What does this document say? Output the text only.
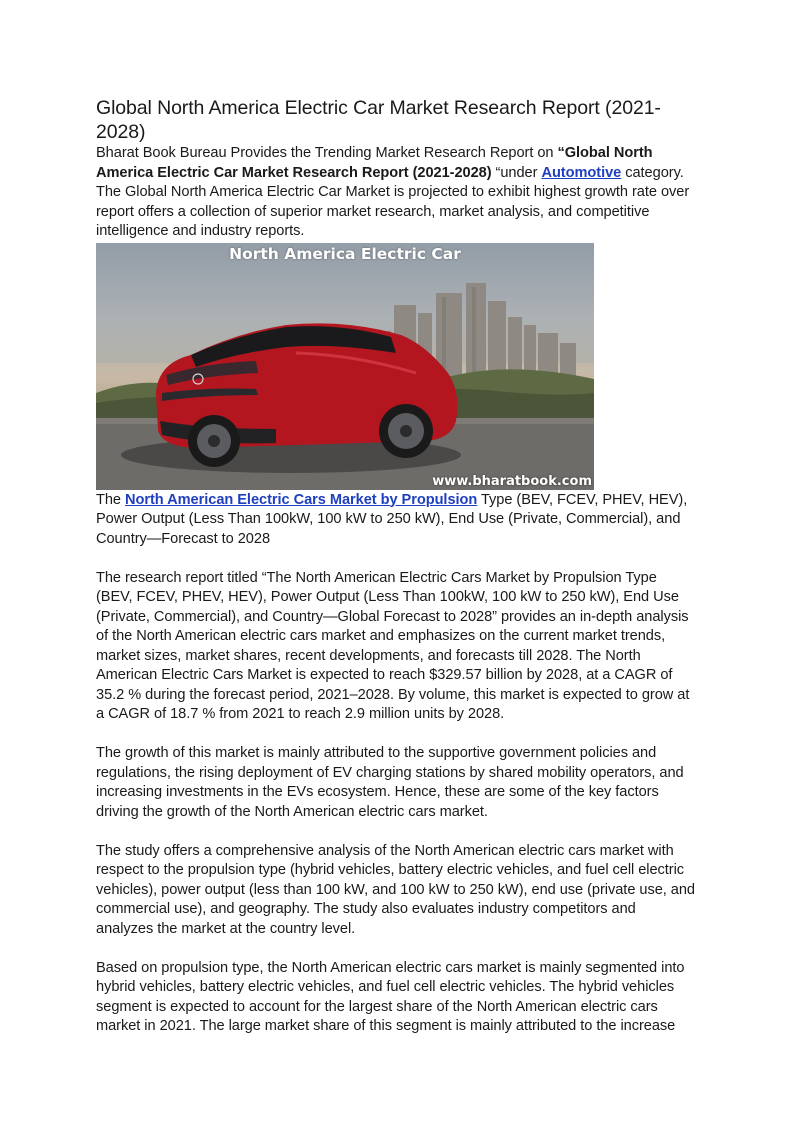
Global North America Electric Car Market Research Report (2021-2028)

Bharat Book Bureau Provides the Trending Market Research Report on “Global North America Electric Car Market Research Report (2021-2028) “under Automotive category. The Global North America Electric Car Market is projected to exhibit highest growth rate over report offers a collection of superior market research, market analysis, and competitive intelligence and industry reports.

North America Electric Car
www.bharatbook.com

The North American Electric Cars Market by Propulsion Type (BEV, FCEV, PHEV, HEV), Power Output (Less Than 100kW, 100 kW to 250 kW), End Use (Private, Commercial), and Country—Forecast to 2028

The research report titled “The North American Electric Cars Market by Propulsion Type (BEV, FCEV, PHEV, HEV), Power Output (Less Than 100kW, 100 kW to 250 kW), End Use (Private, Commercial), and Country—Global Forecast to 2028” provides an in-depth analysis of the North American electric cars market and emphasizes on the current market trends, market sizes, market shares, recent developments, and forecasts till 2028. The North American Electric Cars Market is expected to reach $329.57 billion by 2028, at a CAGR of 35.2 % during the forecast period, 2021–2028. By volume, this market is expected to grow at a CAGR of 18.7 % from 2021 to reach 2.9 million units by 2028.

The growth of this market is mainly attributed to the supportive government policies and regulations, the rising deployment of EV charging stations by shared mobility operators, and increasing investments in the EVs ecosystem. Hence, these are some of the key factors driving the growth of the North American electric cars market.

The study offers a comprehensive analysis of the North American electric cars market with respect to the propulsion type (hybrid vehicles, battery electric vehicles, and fuel cell electric vehicles), power output (less than 100 kW, and 100 kW to 250 kW), end use (private use, and commercial use), and geography. The study also evaluates industry competitors and analyzes the market at the country level.

Based on propulsion type, the North American electric cars market is mainly segmented into hybrid vehicles, battery electric vehicles, and fuel cell electric vehicles. The hybrid vehicles segment is expected to account for the largest share of the North American electric cars market in 2021. The large market share of this segment is mainly attributed to the increase
